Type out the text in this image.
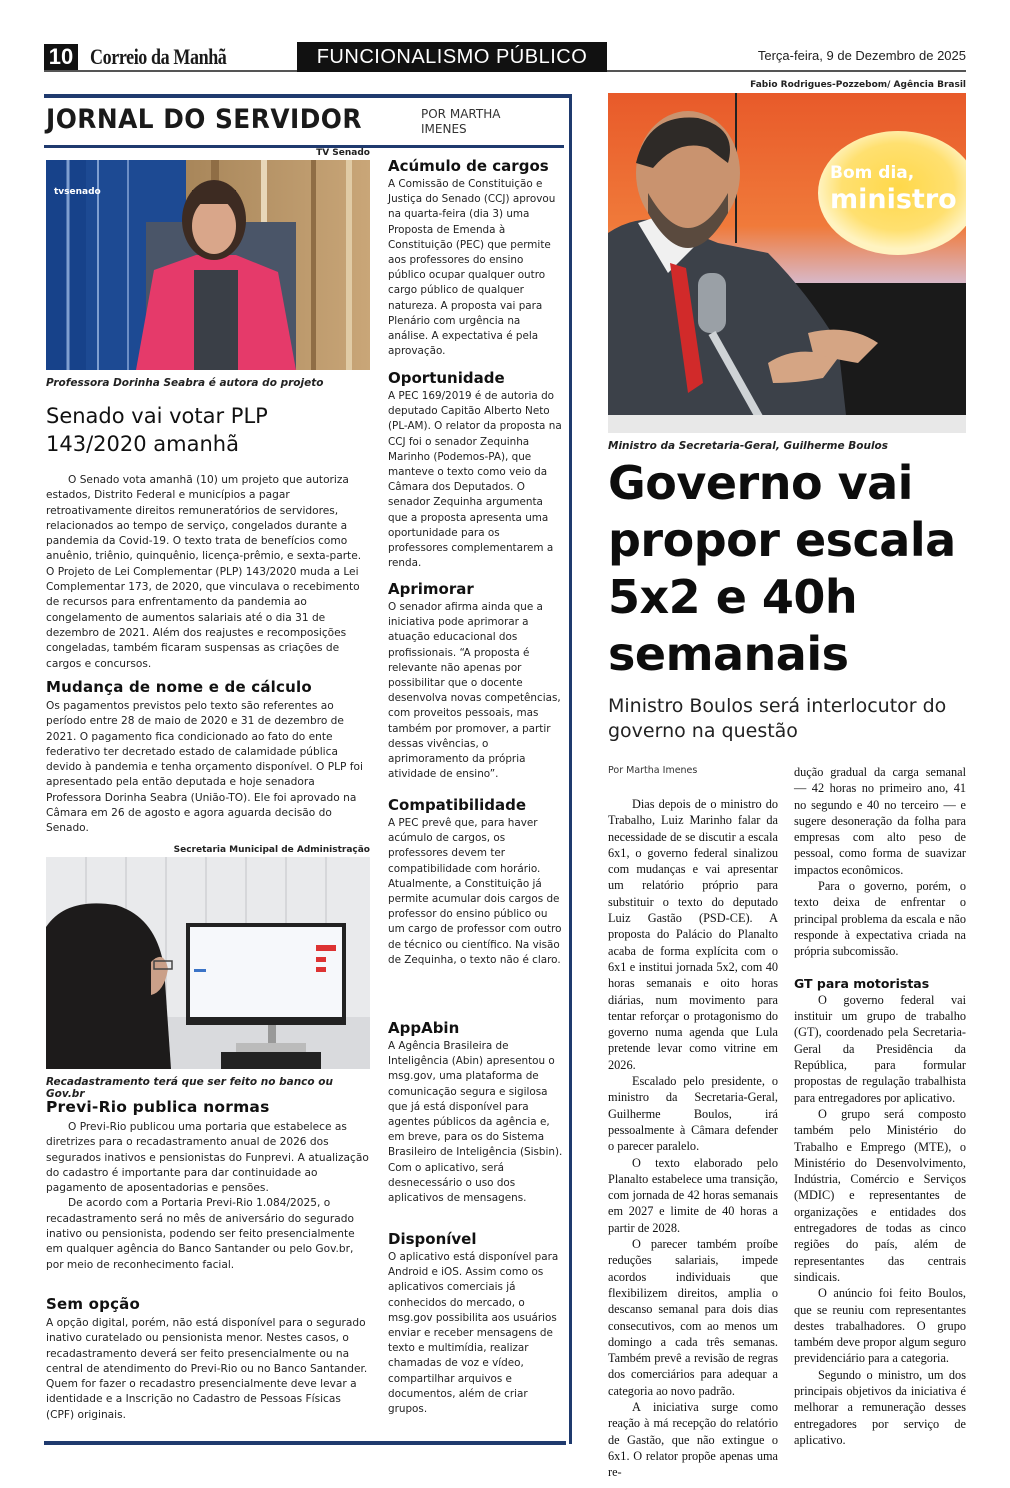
10 Correio da Manhã	FUNCIONALISMO PÚBLICO	Terça-feira, 9 de Dezembro de 2025
JORNAL DO SERVIDOR	POR MARTHA IMENES
TV Senado
tvsenado
Professora Dorinha Seabra é autora do projeto
Senado vai votar PLP 143/2020 amanhã

O Senado vota amanhã (10) um projeto que autoriza estados, Distrito Federal e municípios a pagar retroativamente direitos remuneratórios de servidores, relacionados ao tempo de serviço, congelados durante a pandemia da Covid-19. O texto trata de benefícios como anuênio, triênio, quinquênio, licença-prêmio, e sexta-parte. O Projeto de Lei Complementar (PLP) 143/2020 muda a Lei Complementar 173, de 2020, que vinculava o recebimento de recursos para enfrentamento da pandemia ao congelamento de aumentos salariais até o dia 31 de dezembro de 2021. Além dos reajustes e recomposições congeladas, também ficaram suspensas as criações de cargos e concursos.

Mudança de nome e de cálculo

Os pagamentos previstos pelo texto são referentes ao período entre 28 de maio de 2020 e 31 de dezembro de 2021. O pagamento fica condicionado ao fato do ente federativo ter decretado estado de calamidade pública devido à pandemia e tenha orçamento disponível. O PLP foi apresentado pela então deputada e hoje senadora Professora Dorinha Seabra (União-TO). Ele foi aprovado na Câmara em 26 de agosto e agora aguarda decisão do Senado.

Secretaria Municipal de Administração
Recadastramento terá que ser feito no banco ou Gov.br
Previ-Rio publica normas

O Previ-Rio publicou uma portaria que estabelece as diretrizes para o recadastramento anual de 2026 dos segurados inativos e pensionistas do Funprevi. A atualização do cadastro é importante para dar continuidade ao pagamento de aposentadorias e pensões.

De acordo com a Portaria Previ-Rio 1.084/2025, o recadastramento será no mês de aniversário do segurado inativo ou pensionista, podendo ser feito presencialmente em qualquer agência do Banco Santander ou pelo Gov.br, por meio de reconhecimento facial.

Sem opção

A opção digital, porém, não está disponível para o segurado inativo curatelado ou pensionista menor. Nestes casos, o recadastramento deverá ser feito presencialmente ou na central de atendimento do Previ-Rio ou no Banco Santander. Quem for fazer o recadastro presencialmente deve levar a identidade e a Inscrição no Cadastro de Pessoas Físicas (CPF) originais.

Acúmulo de cargos
A Comissão de Constituição e Justiça do Senado (CCJ) aprovou na quarta-feira (dia 3) uma Proposta de Emenda à Constituição (PEC) que permite aos professores do ensino público ocupar qualquer outro cargo público de qualquer natureza. A proposta vai para Plenário com urgência na análise. A expectativa é pela aprovação.
Oportunidade
A PEC 169/2019 é de autoria do deputado Capitão Alberto Neto (PL-AM). O relator da proposta na CCJ foi o senador Zequinha Marinho (Podemos-PA), que manteve o texto como veio da Câmara dos Deputados. O senador Zequinha argumenta que a proposta apresenta uma oportunidade para os professores complementarem a renda.
Aprimorar
O senador afirma ainda que a iniciativa pode aprimorar a atuação educacional dos profissionais. “A proposta é relevante não apenas por possibilitar que o docente desenvolva novas competências, com proveitos pessoais, mas também por promover, a partir dessas vivências, o aprimoramento da própria atividade de ensino”.
Compatibilidade
A PEC prevê que, para haver acúmulo de cargos, os professores devem ter compatibilidade com horário. Atualmente, a Constituição já permite acumular dois cargos de professor do ensino público ou um cargo de professor com outro de técnico ou científico. Na visão de Zequinha, o texto não é claro.
AppAbin
A Agência Brasileira de Inteligência (Abin) apresentou o msg.gov, uma plataforma de comunicação segura e sigilosa que já está disponível para agentes públicos da agência e, em breve, para os do Sistema Brasileiro de Inteligência (Sisbin). Com o aplicativo, será desnecessário o uso dos aplicativos de mensagens.
Disponível
O aplicativo está disponível para Android e iOS. Assim como os aplicativos comerciais já conhecidos do mercado, o msg.gov possibilita aos usuários enviar e receber mensagens de texto e multimídia, realizar chamadas de voz e vídeo, compartilhar arquivos e documentos, além de criar grupos.
Fabio Rodrigues-Pozzebom/ Agência Brasil
Bom dia,
ministro
Ministro da Secretaria-Geral, Guilherme Boulos
Governo vai propor escala 5x2 e 40h semanais
Ministro Boulos será interlocutor do governo na questão
Por Martha Imenes

Dias depois de o ministro do Trabalho, Luiz Marinho falar da necessidade de se discutir a escala 6x1, o governo federal sinalizou com mudanças e vai apresentar um relatório próprio para substituir o texto do deputado Luiz Gastão (PSD-CE). A proposta do Palácio do Planalto acaba de forma explícita com o 6x1 e institui jornada 5x2, com 40 horas semanais e oito horas diárias, num movimento para tentar reforçar o protagonismo do governo numa agenda que Lula pretende levar como vitrine em 2026.

Escalado pelo presidente, o ministro da Secretaria-Geral, Guilherme Boulos, irá pessoalmente à Câmara defender o parecer paralelo.

O texto elaborado pelo Planalto estabelece uma transição, com jornada de 42 horas semanais em 2027 e limite de 40 horas a partir de 2028.

O parecer também proíbe reduções salariais, impede acordos individuais que flexibilizem direitos, amplia o descanso semanal para dois dias consecutivos, com ao menos um domingo a cada três semanas. Também prevê a revisão de regras dos comerciários para adequar a categoria ao novo padrão.

A iniciativa surge como reação à má recepção do relatório de Gastão, que não extingue o 6x1. O relator propõe apenas uma re-

dução gradual da carga semanal — 42 horas no primeiro ano, 41 no segundo e 40 no terceiro — e sugere desoneração da folha para empresas com alto peso de pessoal, como forma de suavizar impactos econômicos.

Para o governo, porém, o texto deixa de enfrentar o principal problema da escala e não responde à expectativa criada na própria subcomissão.

GT para motoristas

O governo federal vai instituir um grupo de trabalho (GT), coordenado pela Secretaria-Geral da Presidência da República, para formular propostas de regulação trabalhista para entregadores por aplicativo.

O grupo será composto também pelo Ministério do Trabalho e Emprego (MTE), o Ministério do Desenvolvimento, Indústria, Comércio e Serviços (MDIC) e representantes de organizações e entidades dos entregadores de todas as cinco regiões do país, além de representantes das centrais sindicais.

O anúncio foi feito Boulos, que se reuniu com representantes destes trabalhadores. O grupo também deve propor algum seguro previdenciário para a categoria.

Segundo o ministro, um dos principais objetivos da iniciativa é melhorar a remuneração desses entregadores por serviço de aplicativo.
